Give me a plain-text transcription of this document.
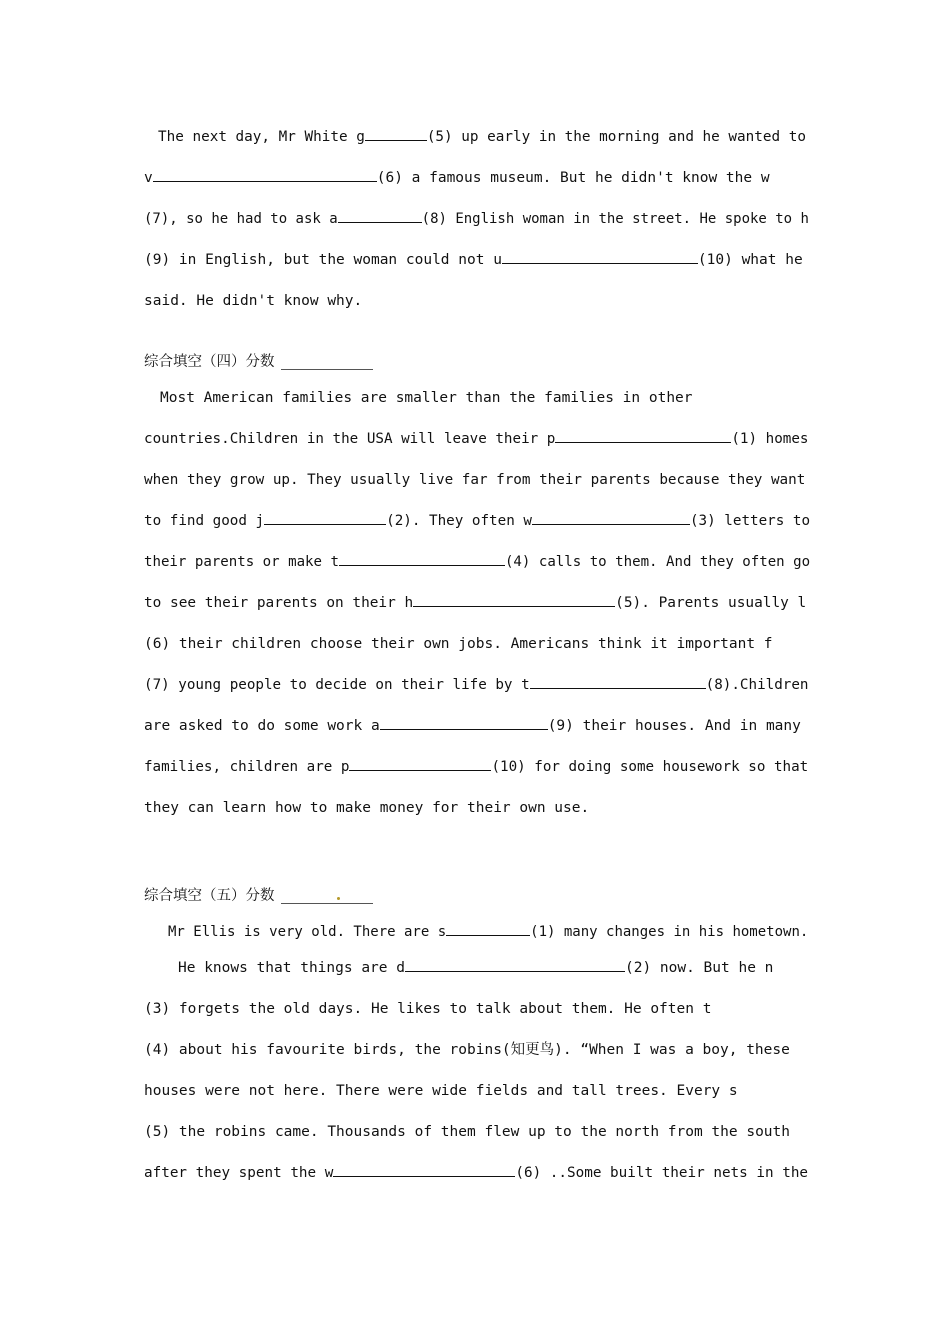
The next day, Mr White g	(5) up early in the morning and he wanted to
v	(6) a famous museum. But he didn't know the w
(7), so he had to ask a	(8) English woman in the street. He spoke to h
(9) in English, but the woman could not u	(10) what he
said. He didn't know why.
综合填空（四）分数
Most American families are smaller than the families in other
countries.Children in the USA will leave their p	(1) homes
when they grow up. They usually live far from their parents because they want
to find good j	(2). They often w	(3) letters to
their parents or make t	(4) calls to them. And they often go
to see their parents on their h	(5). Parents usually l
(6) their children choose their own jobs. Americans think it important f
(7) young people to decide on their life by t	(8).Children
are asked to do some work a	(9) their houses. And in many
families, children are p	(10) for doing some housework so that
they can learn how to make money for their own use.
综合填空（五）分数
Mr Ellis is very old. There are s	(1) many changes in his hometown.
He knows that things are d	(2) now. But he n
(3) forgets the old days. He likes to talk about them. He often t
(4) about his favourite birds, the robins(知更鸟). “When I was a boy, these
houses were not here. There were wide fields and tall trees. Every s
(5) the robins came. Thousands of them flew up to the north from the south
after they spent the w	(6) ..Some built their nets in the
